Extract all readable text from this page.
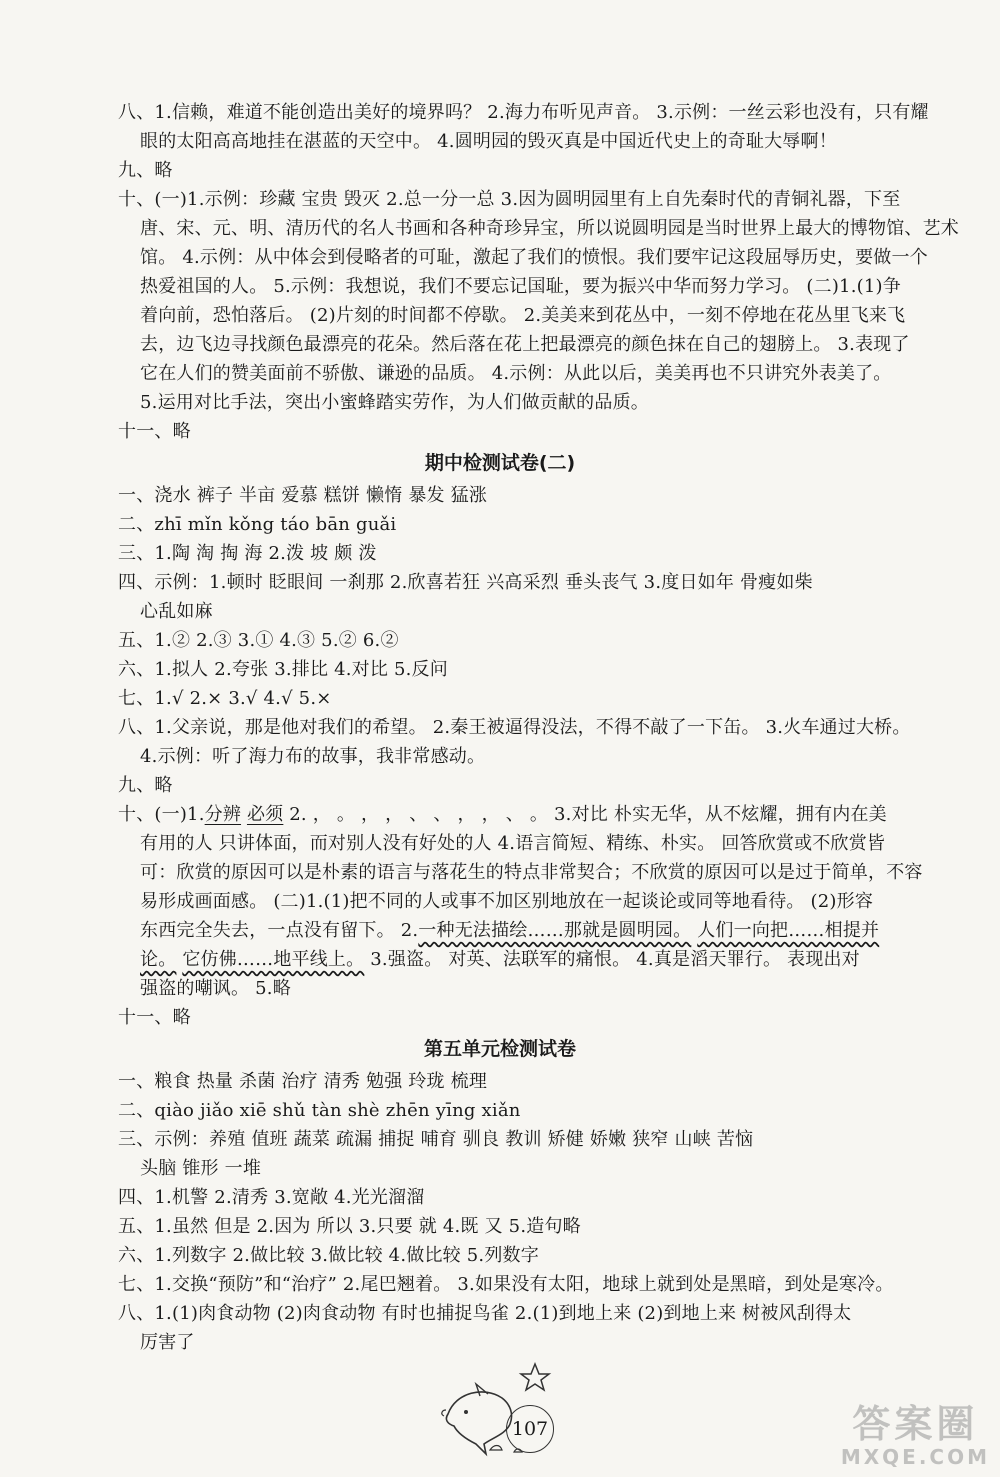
八、1.信赖，难道不能创造出美好的境界吗？ 2.海力布听见声音。 3.示例：一丝云彩也没有，只有耀
眼的太阳高高地挂在湛蓝的天空中。 4.圆明园的毁灭真是中国近代史上的奇耻大辱啊！
九、略
十、(一)1.示例：珍藏 宝贵 毁灭 2.总一分一总 3.因为圆明园里有上自先秦时代的青铜礼器，下至
唐、宋、元、明、清历代的名人书画和各种奇珍异宝，所以说圆明园是当时世界上最大的博物馆、艺术
馆。 4.示例：从中体会到侵略者的可耻，激起了我们的愤恨。我们要牢记这段屈辱历史，要做一个
热爱祖国的人。 5.示例：我想说，我们不要忘记国耻，要为振兴中华而努力学习。 (二)1.(1)争
着向前，恐怕落后。 (2)片刻的时间都不停歇。 2.美美来到花丛中，一刻不停地在花丛里飞来飞
去，边飞边寻找颜色最漂亮的花朵。然后落在花上把最漂亮的颜色抹在自己的翅膀上。 3.表现了
它在人们的赞美面前不骄傲、谦逊的品质。 4.示例：从此以后，美美再也不只讲究外表美了。
5.运用对比手法，突出小蜜蜂踏实劳作，为人们做贡献的品质。
十一、略
期中检测试卷(二)
一、浇水 裤子 半亩 爱慕 糕饼 懒惰 暴发 猛涨
二、zhī mǐn kǒng táo bān guǎi
三、1.陶 淘 掏 海 2.泼 坡 颇 泼
四、示例：1.顿时 眨眼间 一刹那 2.欣喜若狂 兴高采烈 垂头丧气 3.度日如年 骨瘦如柴
心乱如麻
五、1.② 2.③ 3.① 4.③ 5.② 6.②
六、1.拟人 2.夸张 3.排比 4.对比 5.反问
七、1.√ 2.× 3.√ 4.√ 5.×
八、1.父亲说，那是他对我们的希望。 2.秦王被逼得没法，不得不敲了一下缶。 3.火车通过大桥。
4.示例：听了海力布的故事，我非常感动。
九、略
十、(一)1.分辨 必须 2. ， 。 ， ， 、 、 ， ， 、 。 3.对比 朴实无华，从不炫耀，拥有内在美
有用的人 只讲体面，而对别人没有好处的人 4.语言简短、精练、朴实。 回答欣赏或不欣赏皆
可：欣赏的原因可以是朴素的语言与落花生的特点非常契合；不欣赏的原因可以是过于简单，不容
易形成画面感。 (二)1.(1)把不同的人或事不加区别地放在一起谈论或同等地看待。 (2)形容
东西完全失去，一点没有留下。 2.一种无法描绘……那就是圆明园。 人们一向把……相提并
论。 它仿佛……地平线上。 3.强盗。 对英、法联军的痛恨。 4.真是滔天罪行。 表现出对
强盗的嘲讽。 5.略
十一、略
第五单元检测试卷
一、粮食 热量 杀菌 治疗 清秀 勉强 玲珑 梳理
二、qiào jiǎo xiē shǔ tàn shè zhēn yīng xiǎn
三、示例：养殖 值班 蔬菜 疏漏 捕捉 哺育 驯良 教训 矫健 娇嫩 狭窄 山峡 苦恼
头脑 锥形 一堆
四、1.机警 2.清秀 3.宽敞 4.光光溜溜
五、1.虽然 但是 2.因为 所以 3.只要 就 4.既 又 5.造句略
六、1.列数字 2.做比较 3.做比较 4.做比较 5.列数字
七、1.交换“预防”和“治疗” 2.尾巴翘着。 3.如果没有太阳，地球上就到处是黑暗，到处是寒冷。
八、1.(1)肉食动物 (2)肉食动物 有时也捕捉鸟雀 2.(1)到地上来 (2)到地上来 树被风刮得太
厉害了
107	答案圈
MXQE.COM
